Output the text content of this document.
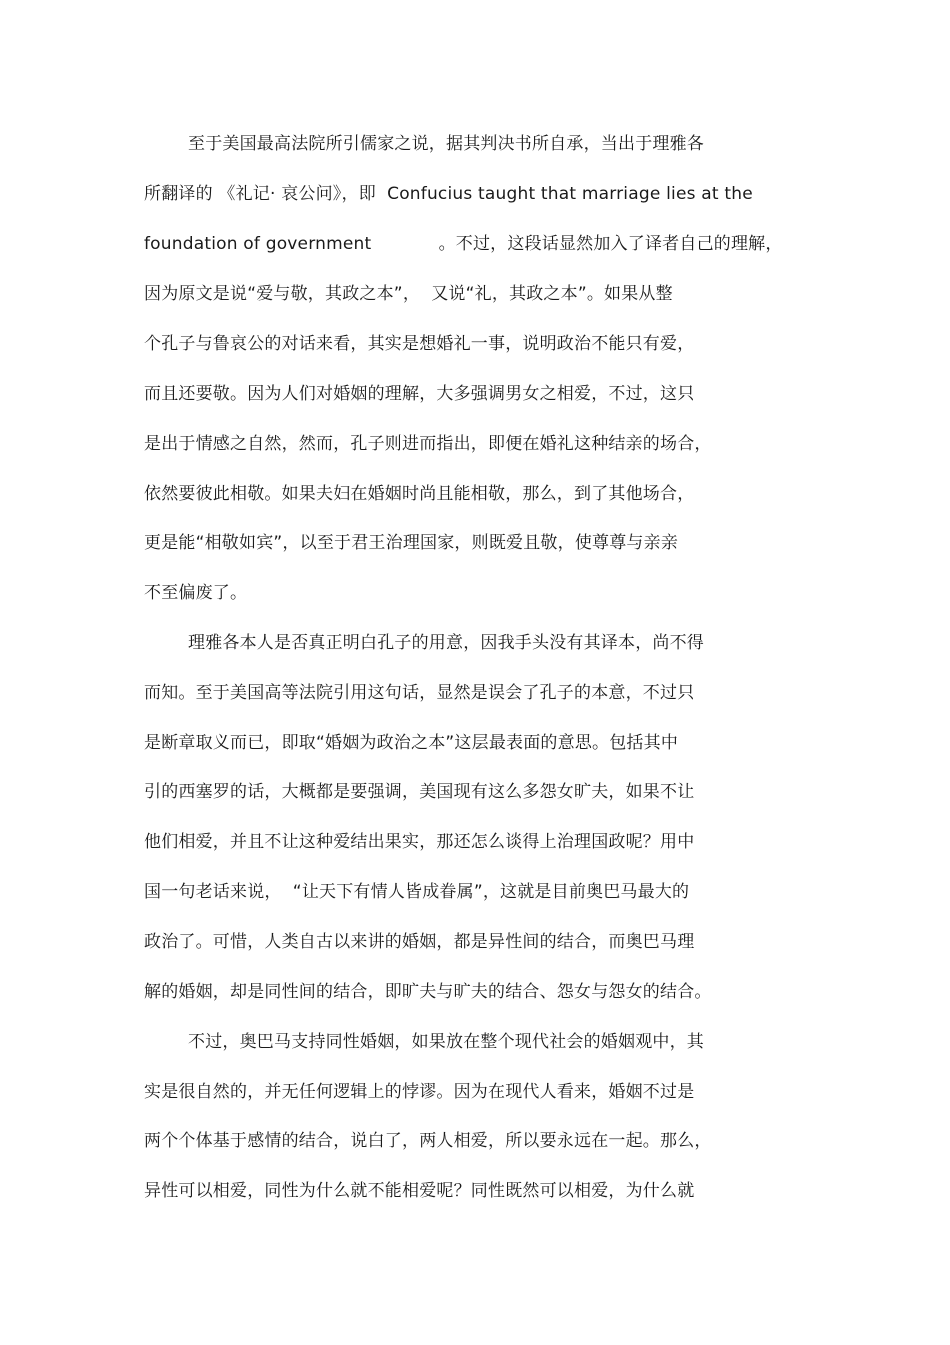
至于美国最高法院所引儒家之说，据其判决书所自承，当出于理雅各
所翻译的 《礼记· 哀公问》，即  Confucius taught that marriage lies at the
foundation of government            。不过，这段话显然加入了译者自己的理解，
因为原文是说“爱与敬，其政之本”，  又说“礼，其政之本”。如果从整
个孔子与鲁哀公的对话来看，其实是想婚礼一事，说明政治不能只有爱，
而且还要敬。因为人们对婚姻的理解，大多强调男女之相爱，不过，这只
是出于情感之自然，然而，孔子则进而指出，即便在婚礼这种结亲的场合，
依然要彼此相敬。如果夫妇在婚姻时尚且能相敬，那么，到了其他场合，
更是能“相敬如宾”，以至于君王治理国家，则既爱且敬，使尊尊与亲亲
不至偏废了。
理雅各本人是否真正明白孔子的用意，因我手头没有其译本，尚不得
而知。至于美国高等法院引用这句话，显然是误会了孔子的本意，不过只
是断章取义而已，即取“婚姻为政治之本”这层最表面的意思。包括其中
引的西塞罗的话，大概都是要强调，美国现有这么多怨女旷夫，如果不让
他们相爱，并且不让这种爱结出果实，那还怎么谈得上治理国政呢？用中
国一句老话来说，  “让天下有情人皆成眷属”，这就是目前奥巴马最大的
政治了。可惜，人类自古以来讲的婚姻，都是异性间的结合，而奥巴马理
解的婚姻，却是同性间的结合，即旷夫与旷夫的结合、怨女与怨女的结合。
不过，奥巴马支持同性婚姻，如果放在整个现代社会的婚姻观中，其
实是很自然的，并无任何逻辑上的悖谬。因为在现代人看来，婚姻不过是
两个个体基于感情的结合，说白了，两人相爱，所以要永远在一起。那么，
异性可以相爱，同性为什么就不能相爱呢？同性既然可以相爱，为什么就
